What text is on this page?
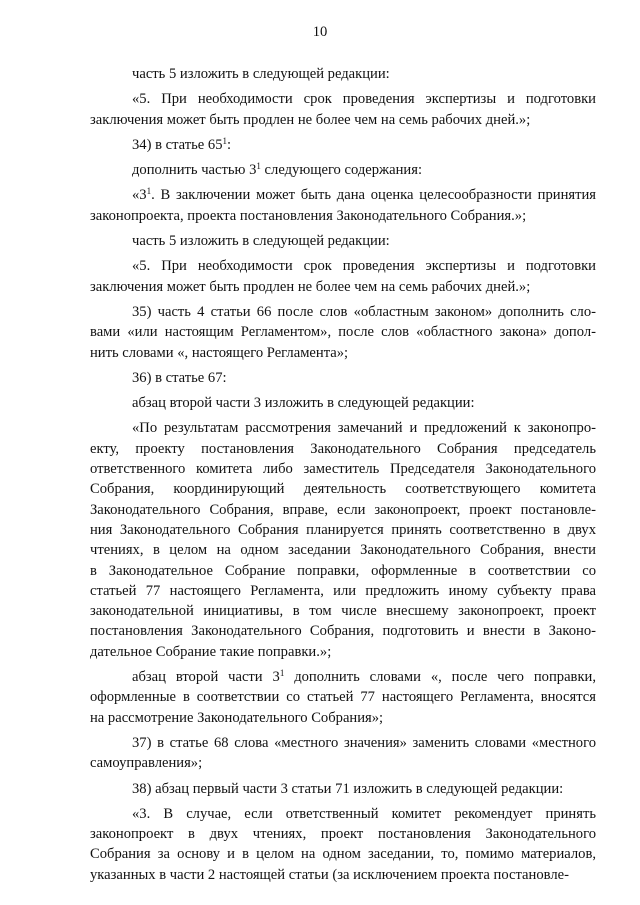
10
часть 5 изложить в следующей редакции:
«5. При необходимости срок проведения экспертизы и подготовки
заключения может быть продлен не более чем на семь рабочих дней.»;
34) в статье $65^1$:
дополнить частью $3^1$ следующего содержания:
«$3^1$. В заключении может быть дана оценка целесообразности принятия
законопроекта, проекта постановления Законодательного Собрания.»;
часть 5 изложить в следующей редакции:
«5. При необходимости срок проведения экспертизы и подготовки
заключения может быть продлен не более чем на семь рабочих дней.»;
35) часть 4 статьи 66 после слов «областным законом» дополнить сло-
вами «или настоящим Регламентом», после слов «областного закона» допол-
нить словами «, настоящего Регламента»;
36) в статье 67:
абзац второй части 3 изложить в следующей редакции:
«По результатам рассмотрения замечаний и предложений к законопро-
екту, проекту постановления Законодательного Собрания председатель
ответственного комитета либо заместитель Председателя Законодательного
Собрания, координирующий деятельность соответствующего комитета
Законодательного Собрания, вправе, если законопроект, проект постановле-
ния Законодательного Собрания планируется принять соответственно в двух
чтениях, в целом на одном заседании Законодательного Собрания, внести
в Законодательное Собрание поправки, оформленные в соответствии со
статьей 77 настоящего Регламента, или предложить иному субъекту права
законодательной инициативы, в том числе внесшему законопроект, проект
постановления Законодательного Собрания, подготовить и внести в Законо-
дательное Собрание такие поправки.»;
абзац второй части $3^1$ дополнить словами «, после чего поправки,
оформленные в соответствии со статьей 77 настоящего Регламента, вносятся
на рассмотрение Законодательного Собрания»;
37) в статье 68 слова «местного значения» заменить словами «местного
самоуправления»;
38) абзац первый части 3 статьи 71 изложить в следующей редакции:
«3. В случае, если ответственный комитет рекомендует принять
законопроект в двух чтениях, проект постановления Законодательного
Собрания за основу и в целом на одном заседании, то, помимо материалов,
указанных в части 2 настоящей статьи (за исключением проекта постановле-
